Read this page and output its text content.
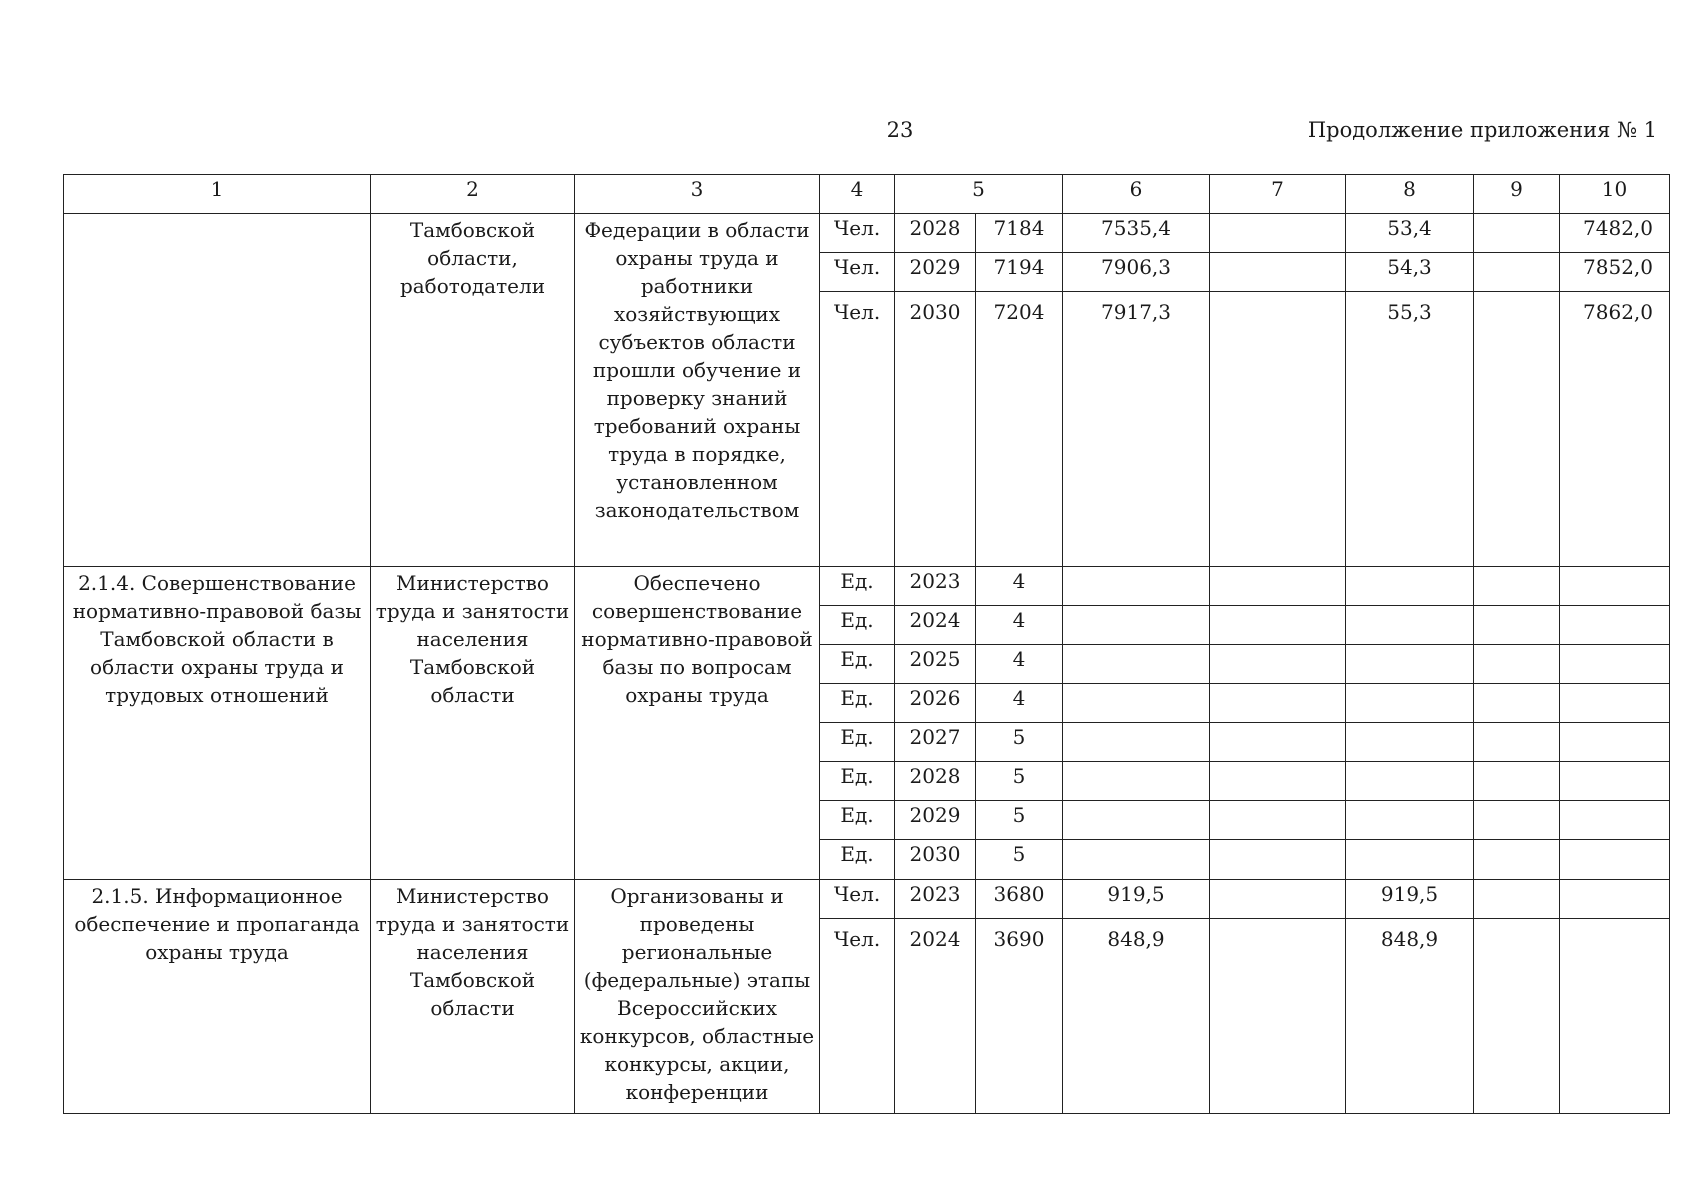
23	Продолжение приложения № 1
1	2	3	4	5		6	7	8	9	10
	Тамбовской области, работодатели	Федерации в области охраны труда и работники хозяйствующих субъектов области прошли обучение и проверку знаний требований охраны труда в порядке, установленном законодательством	Чел.	2028	7184	7535,4		53,4		7482,0
			Чел.	2029	7194	7906,3		54,3		7852,0
			Чел.	2030	7204	7917,3		55,3		7862,0
2.1.4. Совершенствование нормативно-правовой базы Тамбовской области в области охраны труда и трудовых отношений	Министерство труда и занятости населения Тамбовской области	Обеспечено совершенствование нормативно-правовой базы по вопросам охраны труда	Ед.	2023	4					
			Ед.	2024	4					
			Ед.	2025	4					
			Ед.	2026	4					
			Ед.	2027	5					
			Ед.	2028	5					
			Ед.	2029	5					
			Ед.	2030	5					
2.1.5. Информационное обеспечение и пропаганда охраны труда	Министерство труда и занятости населения Тамбовской области	Организованы и проведены региональные (федеральные) этапы Всероссийских конкурсов, областные конкурсы, акции, конференции	Чел.	2023	3680	919,5		919,5		
			Чел.	2024	3690	848,9		848,9		
